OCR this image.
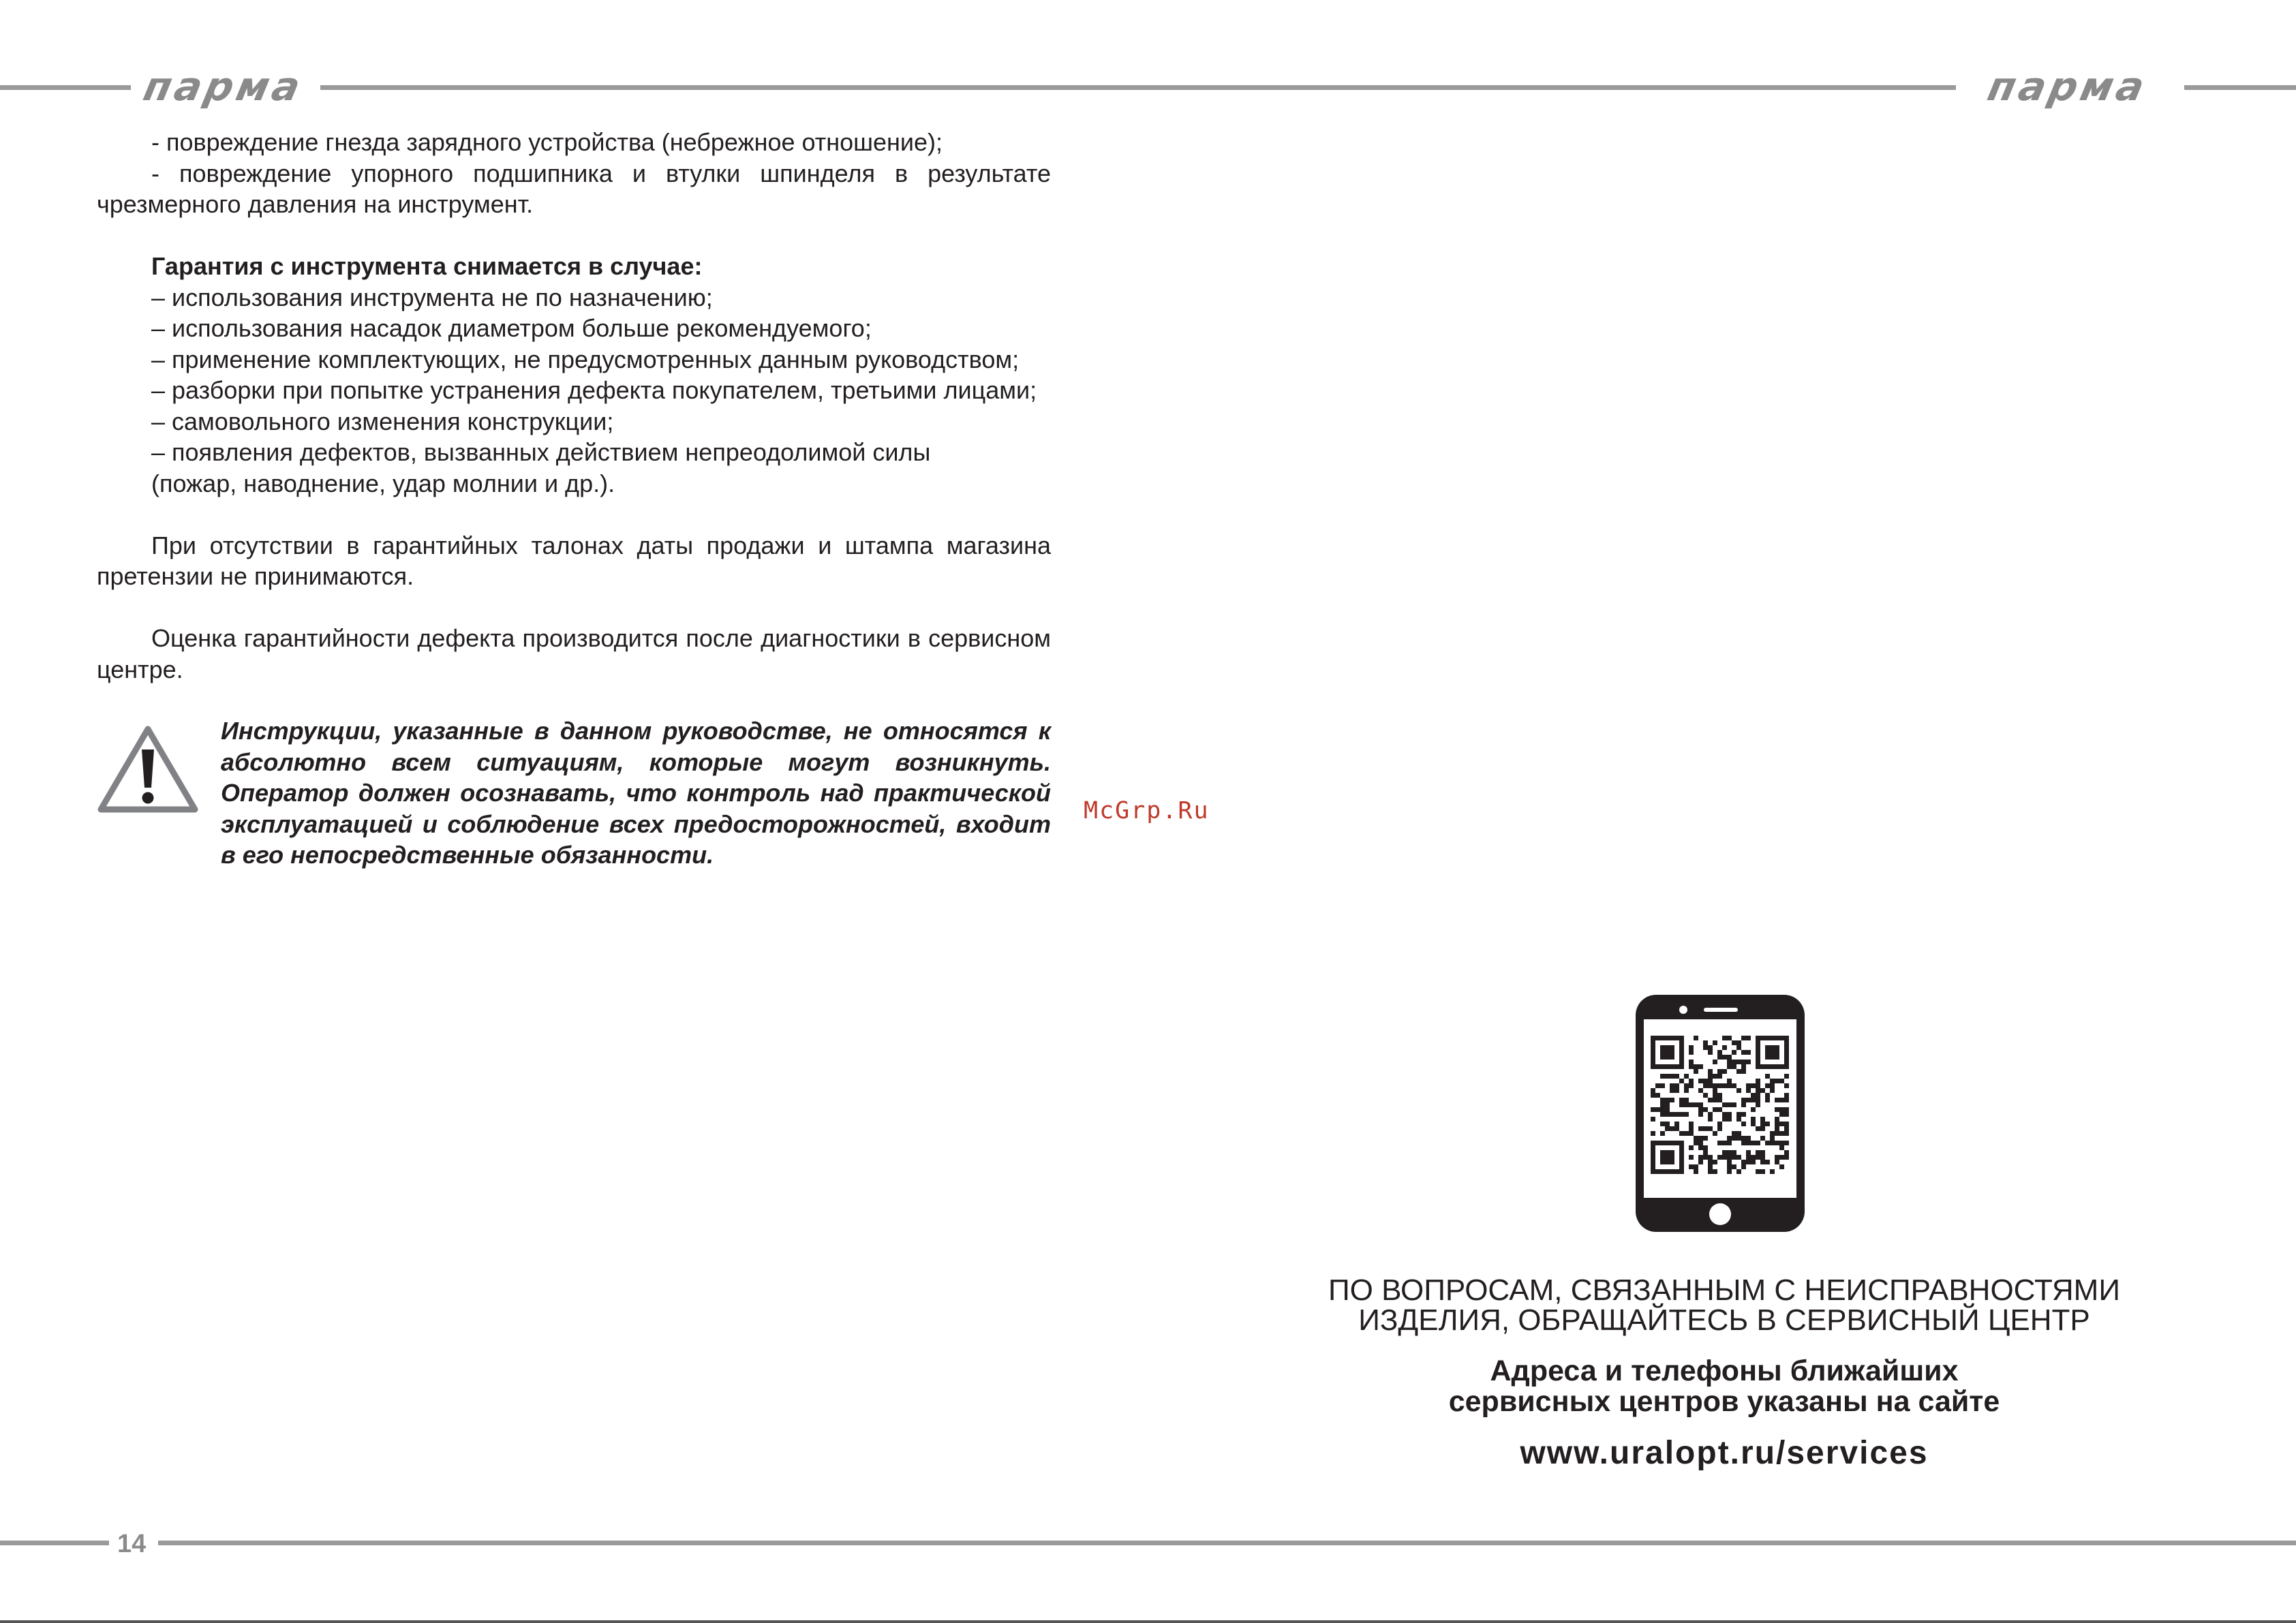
парма	парма

- повреждение гнезда зарядного устройства (небрежное отношение);

- повреждение упорного подшипника и втулки шпинделя в результате чрезмерного давления на инструмент.

Гарантия с инструмента снимается в случае:

– использования инструмента не по назначению;

– использования насадок диаметром больше рекомендуемого;

– применение комплектующих, не предусмотренных данным руководством;

– разборки при попытке устранения дефекта покупателем, третьими лицами;

– самовольного изменения конструкции;

– появления дефектов, вызванных действием непреодолимой силы

(пожар, наводнение, удар молнии и др.).

При отсутствии в гарантийных талонах даты продажи и штампа магазина претензии не принимаются.

Оценка гарантийности дефекта производится после диагностики в сервисном центре.

Инструкции, указанные в данном руководстве, не относятся к абсолютно всем ситуациям, которые могут возникнуть. Оператор должен осознавать, что контроль над практической эксплуатацией и соблюдение всех предосторожностей, входит в его непосредственные обязанности.

McGrp.Ru
ПО ВОПРОСАМ, СВЯЗАННЫМ С НЕИСПРАВНОСТЯМИ
ИЗДЕЛИЯ, ОБРАЩАЙТЕСЬ В СЕРВИСНЫЙ ЦЕНТР
Адреса и телефоны ближайших
сервисных центров указаны на сайте
www.uralopt.ru/services
14
